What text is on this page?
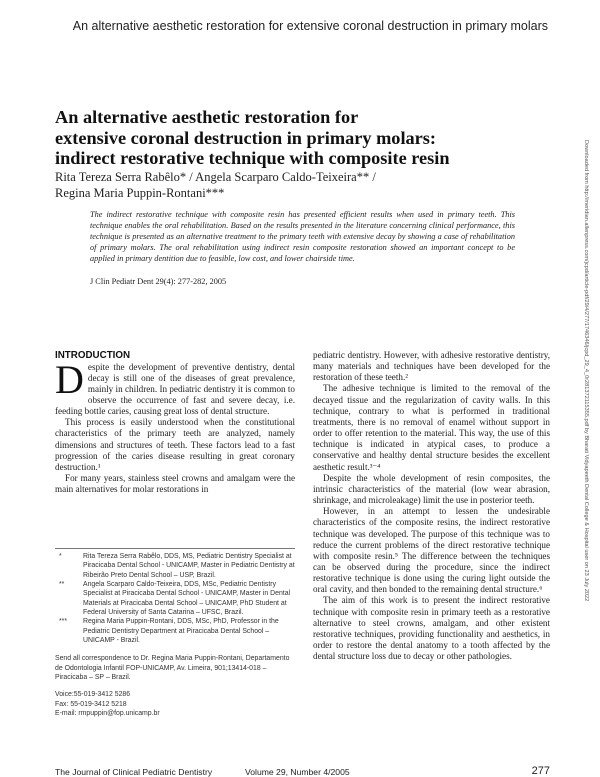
An alternative aesthetic restoration for extensive coronal destruction in primary molars
An alternative aesthetic restoration for
extensive coronal destruction in primary molars:
indirect restorative technique with composite resin
Rita Tereza Serra Rabêlo* / Angela Scarparo Caldo-Teixeira** /
Regina Maria Puppin-Rontani***
The indirect restorative technique with composite resin has presented efficient results when used in primary teeth. This technique enables the oral rehabilitation. Based on the results presented in the literature concerning clinical performance, this technique is presented as an alternative treatment to the primary teeth with extensive decay by showing a case of rehabilitation of primary molars. The oral rehabilitation using indirect resin composite restoration showed an important concept to be applied in primary dentition due to feasible, low cost, and lower chairside time.
J Clin Pediatr Dent 29(4): 277-282, 2005
INTRODUCTION

Despite the development of preventive dentistry, dental decay is still one of the diseases of great prevalence, mainly in children. In pediatric dentistry it is common to observe the occurrence of fast and severe decay, i.e. feeding bottle caries, causing great loss of dental structure.

This process is easily understood when the constitutional characteristics of the primary teeth are analyzed, namely dimensions and structures of teeth. These factors lead to a fast progression of the caries disease resulting in great coronary destruction.¹

For many years, stainless steel crowns and amalgam were the main alternatives for molar restorations in

pediatric dentistry. However, with adhesive restorative dentistry, many materials and techniques have been developed for the restoration of these teeth.²

The adhesive technique is limited to the removal of the decayed tissue and the regularization of cavity walls. In this technique, contrary to what is performed in traditional treatments, there is no removal of enamel without support in order to offer retention to the material. This way, the use of this technique is indicated in atypical cases, to produce a conservative and healthy dental structure besides the excellent aesthetic result.³⁻⁴

Despite the whole development of resin composites, the intrinsic characteristics of the material (low wear abrasion, shrinkage, and microleakage) limit the use in posterior teeth.

However, in an attempt to lessen the undesirable characteristics of the composite resins, the indirect restorative technique was developed. The purpose of this technique was to reduce the current problems of the direct restorative technique with composite resin.⁵ The difference between the techniques can be observed during the procedure, since the indirect restorative technique is done using the curing light outside the oral cavity, and then bonded to the remaining dental structure.⁶

The aim of this work is to present the indirect restorative technique with composite resin in primary teeth as a restorative alternative to steel crowns, amalgam, and other existent restorative techniques, providing functionality and aesthetics, in order to restore the dental anatomy to a tooth affected by the dental structure loss due to decay or other pathologies.

*	Rita Tereza Serra Rabêlo, DDS, MS, Pediatric Dentistry Specialist at Piracicaba Dental School - UNICAMP, Master in Pediatric Dentistry at Ribeirão Preto Dental School – USP, Brazil.

**	Angela Scarparo Caldo-Teixeira, DDS, MSc, Pediatric Dentistry Specialist at Piracicaba Dental School - UNICAMP, Master in Dental Materials at Piracicaba Dental School – UNICAMP, PhD Student at Federal University of Santa Catarina – UFSC, Brazil.

*** Regina Maria Puppin-Rontani, DDS, MSc, PhD, Professor in the Pediatric Dentistry Department at Piracicaba Dental School – UNICAMP - Brazil.

Send all correspondence to Dr. Regina Maria Puppin-Rontani, Departamento de Odontologia Infantil FOP-UNICAMP, Av. Limeira, 901;13414-018 – Piracicaba – SP – Brazil.

Voice:55-019-3412 5286
Fax: 55-019-3412 5218
E-mail: rmpuppin@fop.unicamp.br
The Journal of Clinical Pediatric Dentistry	Volume 29, Number 4/2005	277
Downloaded from http://meridian.allenpress.com/jcpd/article-pdf/29/4/277/1746346/jcpd_29_4_0r281372115355.pdf by Bharati Vidyapeeth Dental College & Hospital user on 23 July 2022
